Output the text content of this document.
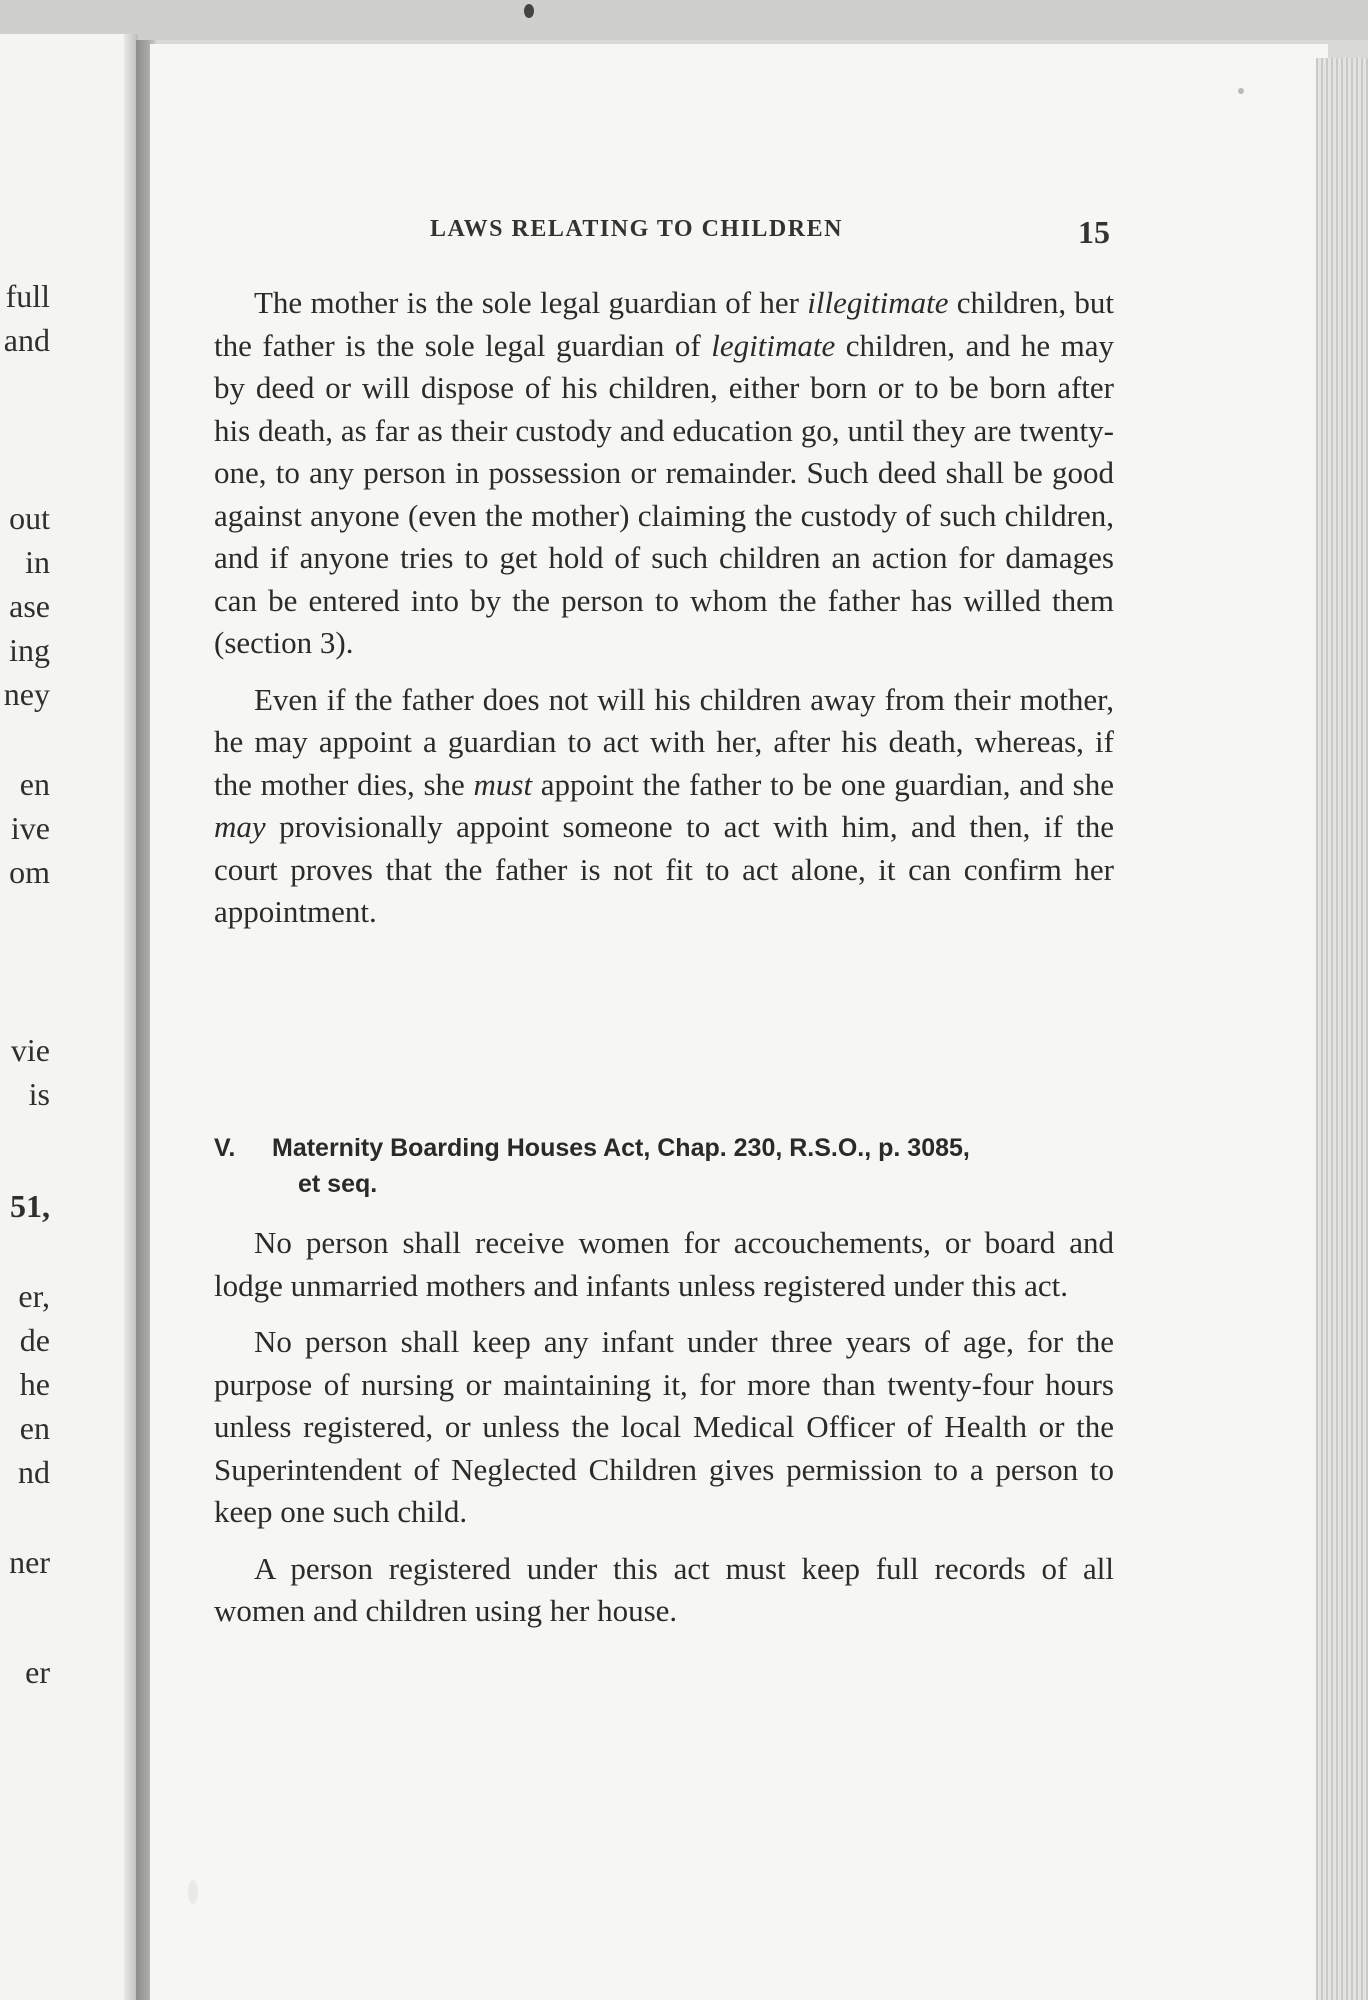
full
and
out
in
ase
ing
ney
en
ive
om
vie
is
51,
er,
de
he
en
nd
ner
er
LAWS RELATING TO CHILDREN	15

The mother is the sole legal guardian of her illegitimate children, but the father is the sole legal guardian of legitimate children, and he may by deed or will dispose of his children, either born or to be born after his death, as far as their custody and education go, until they are twenty-one, to any person in possession or remainder. Such deed shall be good against anyone (even the mother) claiming the custody of such children, and if anyone tries to get hold of such children an action for damages can be entered into by the person to whom the father has willed them (section 3).

Even if the father does not will his children away from their mother, he may appoint a guardian to act with her, after his death, whereas, if the mother dies, she must appoint the father to be one guardian, and she may provisionally appoint someone to act with him, and then, if the court proves that the father is not fit to act alone, it can confirm her appointment.

V. Maternity Boarding Houses Act, Chap. 230, R.S.O., p. 3085,
et seq.

No person shall receive women for accouchements, or board and lodge unmarried mothers and infants unless registered under this act.

No person shall keep any infant under three years of age, for the purpose of nursing or maintaining it, for more than twenty-four hours unless registered, or unless the local Medical Officer of Health or the Superintendent of Neglected Children gives permission to a person to keep one such child.

A person registered under this act must keep full records of all women and children using her house.
